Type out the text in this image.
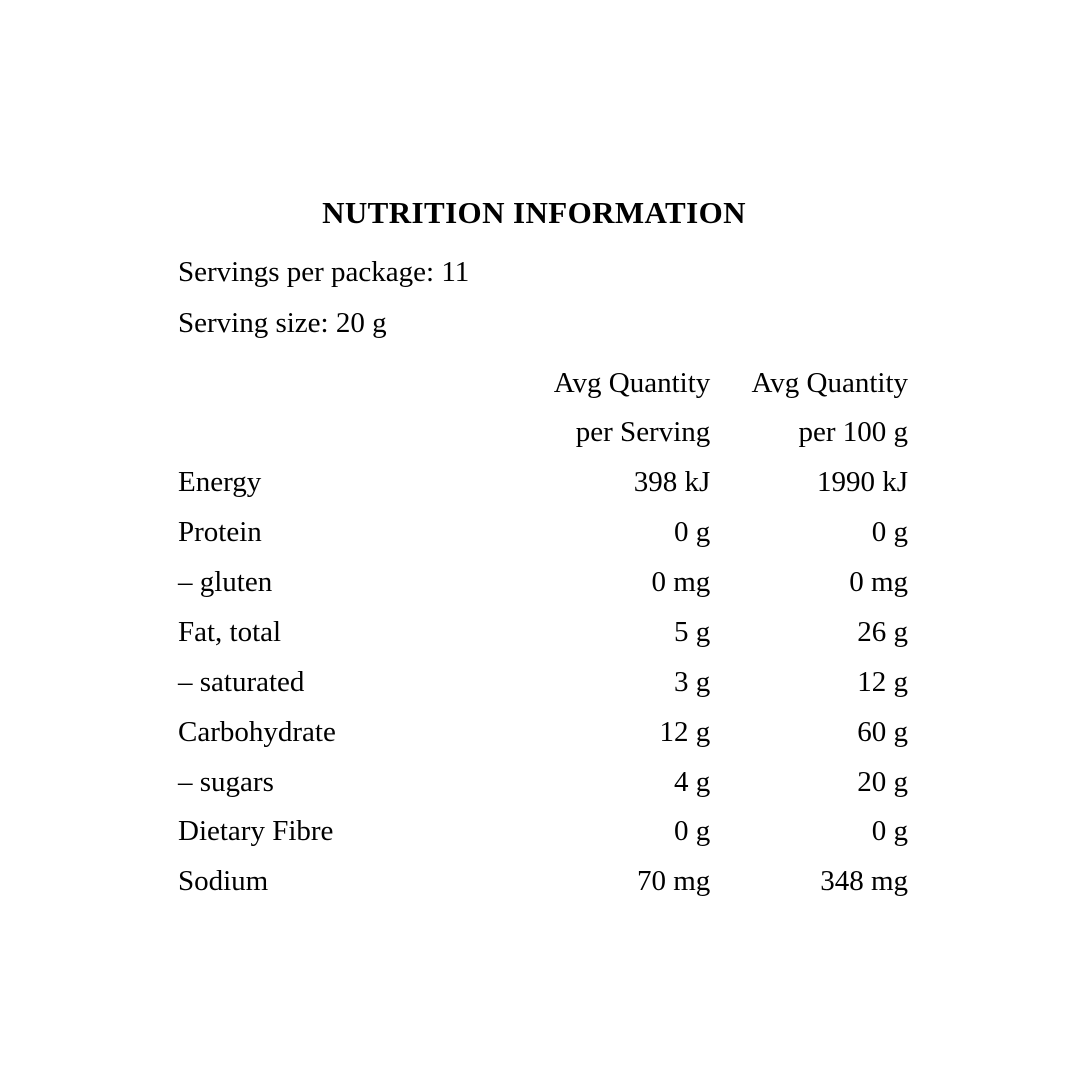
NUTRITION INFORMATION
Servings per package: 11
Serving size: 20 g
	Avg Quantity	Avg Quantity
	per Serving	per 100 g
Energy	398 kJ	1990 kJ
Protein	0 g	0 g
– gluten	0 mg	0 mg
Fat, total	5 g	26 g
– saturated	3 g	12 g
Carbohydrate	12 g	60 g
– sugars	4 g	20 g
Dietary Fibre	0 g	0 g
Sodium	70 mg	348 mg
